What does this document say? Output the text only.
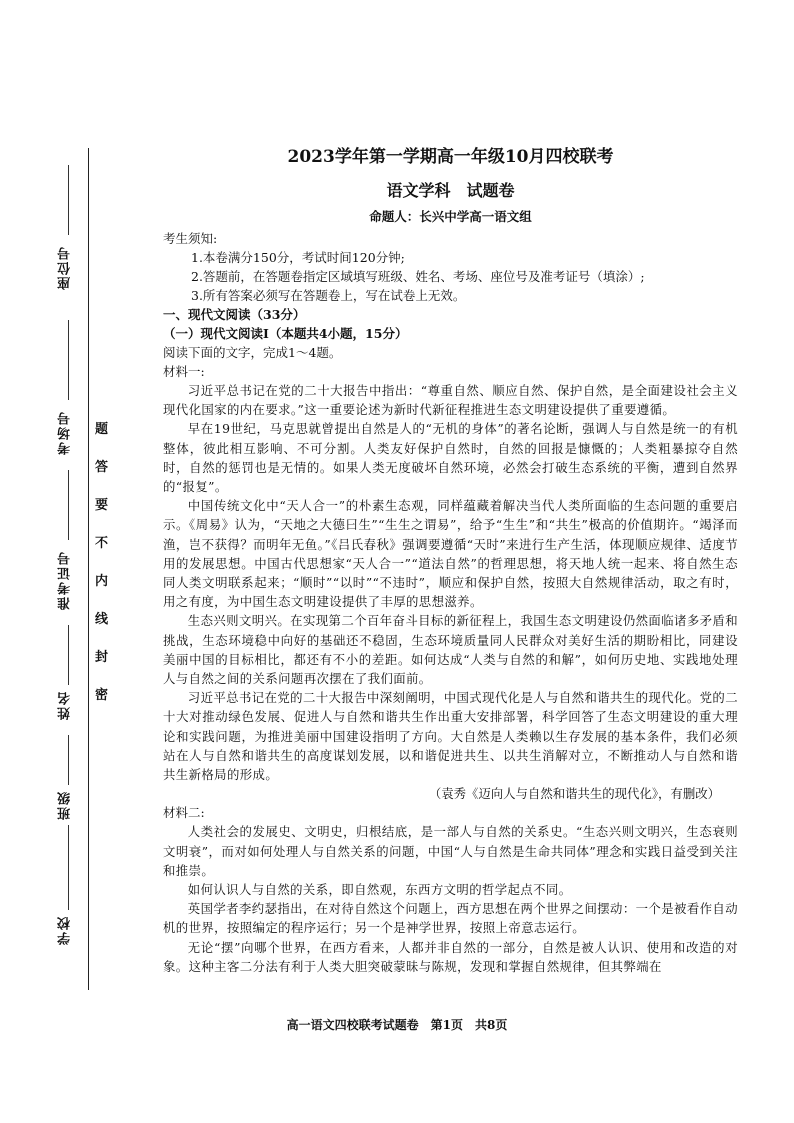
座位号
考场号
准考证号
姓名
班级
学校
题
答
要
不
内
线
封
密

2023学年第一学期高一年级10月四校联考

语文学科　试题卷

命题人：长兴中学高一语文组

考生须知:

1.本卷满分150分，考试时间120分钟;

2.答题前，在答题卷指定区域填写班级、姓名、考场、座位号及准考证号（填涂）;

3.所有答案必须写在答题卷上，写在试卷上无效。

一、现代文阅读（33分）

（一）现代文阅读Ⅰ（本题共4小题，15分）

阅读下面的文字，完成1～4题。

材料一:

习近平总书记在党的二十大报告中指出：“尊重自然、顺应自然、保护自然，是全面建设社会主义现代化国家的内在要求。”这一重要论述为新时代新征程推进生态文明建设提供了重要遵循。

早在19世纪，马克思就曾提出自然是人的“无机的身体”的著名论断，强调人与自然是统一的有机整体，彼此相互影响、不可分割。人类友好保护自然时，自然的回报是慷慨的；人类粗暴掠夺自然时，自然的惩罚也是无情的。如果人类无度破坏自然环境，必然会打破生态系统的平衡，遭到自然界的“报复”。

中国传统文化中“天人合一”的朴素生态观，同样蕴藏着解决当代人类所面临的生态问题的重要启示。《周易》认为，“天地之大德曰生”“生生之谓易”，给予“生生”和“共生”极高的价值期许。“竭泽而渔，岂不获得？而明年无鱼。”《吕氏春秋》强调要遵循“天时”来进行生产生活，体现顺应规律、适度节用的发展思想。中国古代思想家“天人合一”“道法自然”的哲理思想，将天地人统一起来、将自然生态同人类文明联系起来；“顺时”“以时”“不违时”，顺应和保护自然，按照大自然规律活动，取之有时，用之有度，为中国生态文明建设提供了丰厚的思想滋养。

生态兴则文明兴。在实现第二个百年奋斗目标的新征程上，我国生态文明建设仍然面临诸多矛盾和挑战，生态环境稳中向好的基础还不稳固，生态环境质量同人民群众对美好生活的期盼相比，同建设美丽中国的目标相比，都还有不小的差距。如何达成“人类与自然的和解”，如何历史地、实践地处理人与自然之间的关系问题再次摆在了我们面前。

习近平总书记在党的二十大报告中深刻阐明，中国式现代化是人与自然和谐共生的现代化。党的二十大对推动绿色发展、促进人与自然和谐共生作出重大安排部署，科学回答了生态文明建设的重大理论和实践问题，为推进美丽中国建设指明了方向。大自然是人类赖以生存发展的基本条件，我们必须站在人与自然和谐共生的高度谋划发展，以和谐促进共生、以共生消解对立，不断推动人与自然和谐共生新格局的形成。

（袁秀《迈向人与自然和谐共生的现代化》，有删改）

材料二:

人类社会的发展史、文明史，归根结底，是一部人与自然的关系史。“生态兴则文明兴，生态衰则文明衰”，而对如何处理人与自然关系的问题，中国“人与自然是生命共同体”理念和实践日益受到关注和推崇。

如何认识人与自然的关系，即自然观，东西方文明的哲学起点不同。

英国学者李约瑟指出，在对待自然这个问题上，西方思想在两个世界之间摆动：一个是被看作自动机的世界，按照编定的程序运行；另一个是神学世界，按照上帝意志运行。

无论“摆”向哪个世界，在西方看来，人都并非自然的一部分，自然是被人认识、使用和改造的对象。这种主客二分法有利于人类大胆突破蒙昧与陈规，发现和掌握自然规律，但其弊端在

高一语文四校联考试题卷　第1页　共8页
